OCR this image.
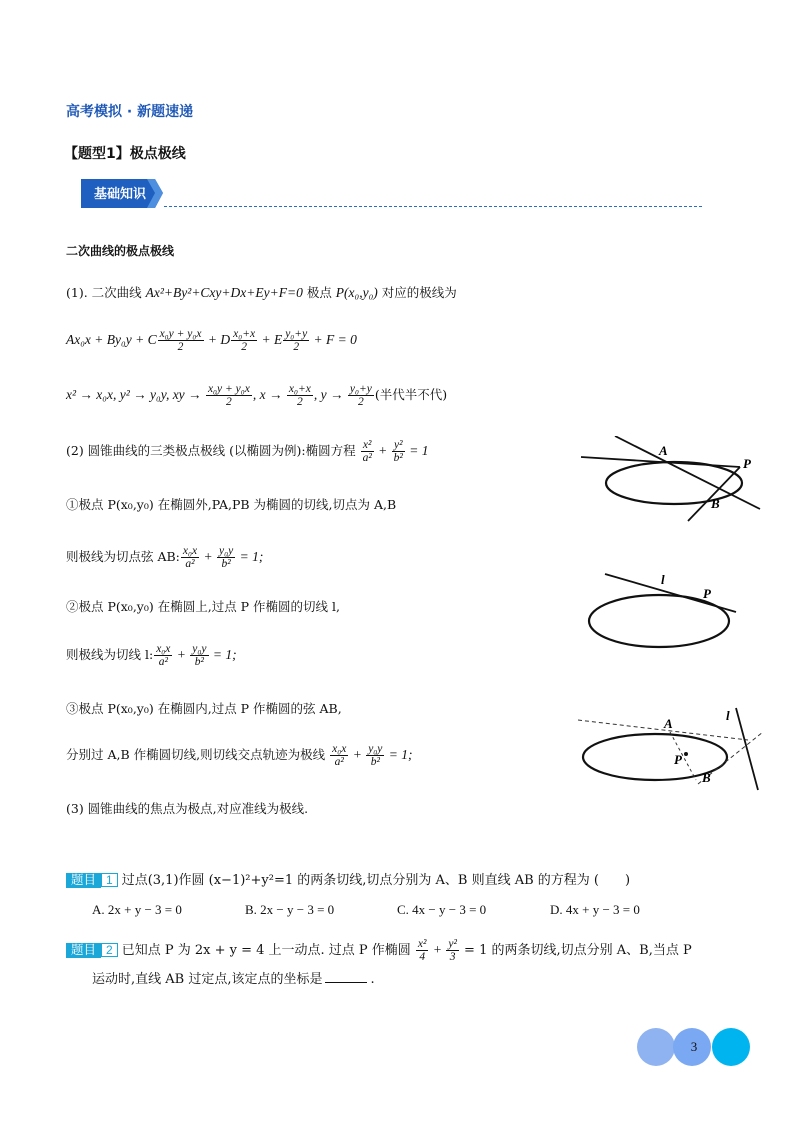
高考模拟 · 新题速递
【题型1】极点极线
基础知识
二次曲线的极点极线
(1). 二次曲线 Ax²+By²+Cxy+Dx+Ey+F=0 极点 P(x₀,y₀) 对应的极线为
Ax₀x + By₀y + C $\frac{\text{x₀y + y₀x}}{2} + D \frac{\text{x₀+x}}{2} + E \frac{\text{y₀+y}}{2} + F = 0$
x² → x₀x, y² → y₀y, xy → $\frac{\text{x₀y + y₀x}}{2}$ , $x \to \frac{\text{x₀+x}}{2}$ , $y \to \frac{\text{y₀+y}}{2}$ (半代半不代)
(2) 圆锥曲线的三类极点极线 (以椭圆为例):椭圆方程 $\frac{\text{x²}}{\text{a²}} + \frac{\text{y²}}{\text{b²}} = 1$
①极点 P(x₀,y₀) 在椭圆外,PA,PB 为椭圆的切线,切点为 A,B
则极线为切点弦 AB: $\frac{\text{x₀x}}{\text{a²}} + \frac{\text{y₀y}}{\text{b²}} = 1$;
②极点 P(x₀,y₀) 在椭圆上,过点 P 作椭圆的切线 l,
则极线为切线 l: $\frac{\text{x₀x}}{\text{a²}} + \frac{\text{y₀y}}{\text{b²}} = 1$;
③极点 P(x₀,y₀) 在椭圆内,过点 P 作椭圆的弦 AB,
分别过 A,B 作椭圆切线,则切线交点轨迹为极线 $\frac{\text{x₀x}}{\text{a²}} + \frac{\text{y₀y}}{\text{b²}} = 1$;
(3) 圆锥曲线的焦点为极点,对应准线为极线.
A
P
B
l
P
A
P
B
l
题目 1 过点(3,1)作圆 (x−1)²+y²=1 的两条切线,切点分别为 A、B 则直线 AB 的方程为 (　　)
A. 2x + y − 3 = 0	B. 2x − y − 3 = 0	C. 4x − y − 3 = 0	D. 4x + y − 3 = 0
题目 2 已知点 P 为 2x + y = 4 上一动点. 过点 P 作椭圆 $\frac{\text{x²}}{4} + \frac{\text{y²}}{3} = 1$ 的两条切线,切点分别 A、B,当点 P
运动时,直线 AB 过定点,该定点的坐标是	.
3
